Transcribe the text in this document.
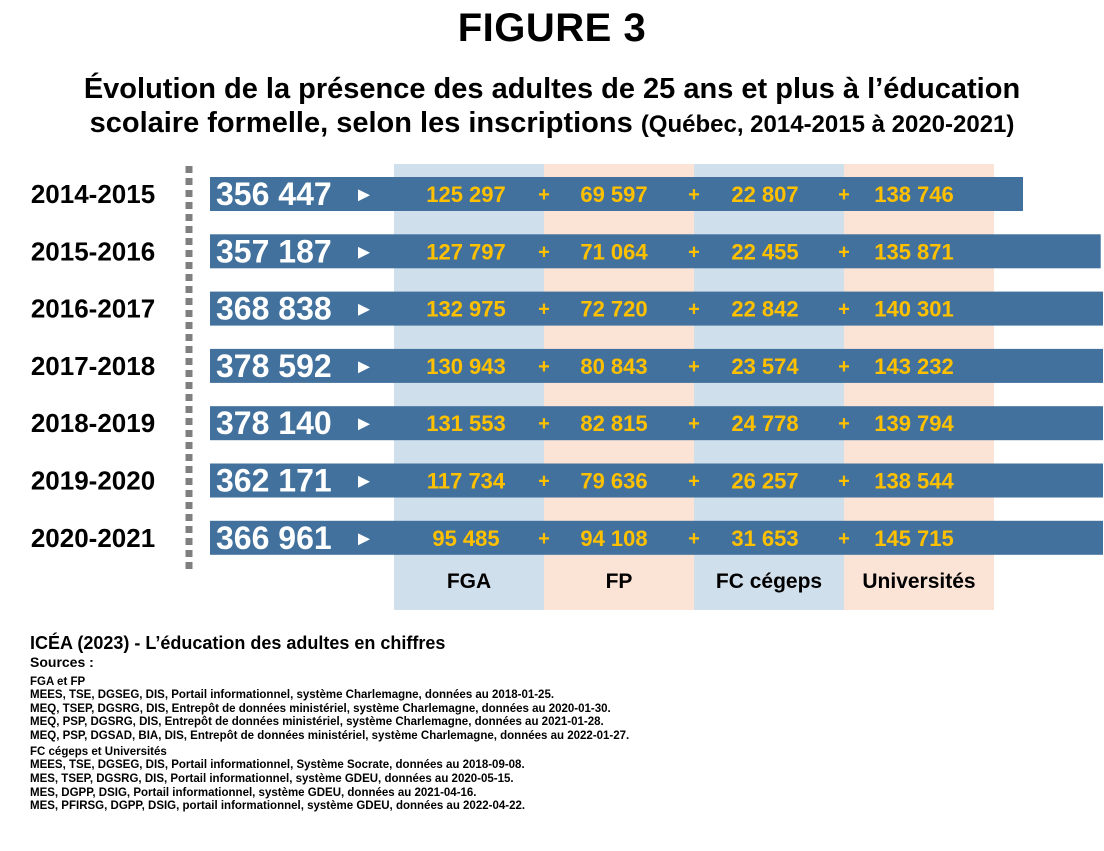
FIGURE 3
Évolution de la présence des adultes de 25 ans et plus à l’éducation
scolaire formelle, selon les inscriptions (Québec, 2014-2015 à 2020-2021)
FGA	FP	FC cégeps Universités
2014-2015 356 447 ► 125 297	69 597	22 807	138 746
+	+	+
2015-2016 357 187 ► 127 797	71 064	22 455	135 871
+	+	+
2016-2017 368 838 ► 132 975	72 720	22 842	140 301
+	+	+
2017-2018 378 592 ► 130 943	80 843	23 574	143 232
+	+	+
2018-2019 378 140 ► 131 553	82 815	24 778	139 794
+	+	+
2019-2020 362 171 ► 117 734	79 636	26 257	138 544
+	+	+
2020-2021 366 961 ►	95 485	94 108	31 653	145 715
+	+	+
ICÉA (2023) - L’éducation des adultes en chiffres
Sources :
FGA et FP
MEES, TSE, DGSEG, DIS, Portail informationnel, système Charlemagne, données au 2018-01-25.
MEQ, TSEP, DGSRG, DIS, Entrepôt de données ministériel, système Charlemagne, données au 2020-01-30.
MEQ, PSP, DGSRG, DIS, Entrepôt de données ministériel, système Charlemagne, données au 2021-01-28.
MEQ, PSP, DGSAD, BIA, DIS, Entrepôt de données ministériel, système Charlemagne, données au 2022-01-27.
FC cégeps et Universités
MEES, TSE, DGSEG, DIS, Portail informationnel, Système Socrate, données au 2018-09-08.
MES, TSEP, DGSRG, DIS, Portail informationnel, système GDEU, données au 2020-05-15.
MES, DGPP, DSIG, Portail informationnel, système GDEU, données au 2021-04-16.
MES, PFIRSG, DGPP, DSIG, portail informationnel, système GDEU, données au 2022-04-22.
